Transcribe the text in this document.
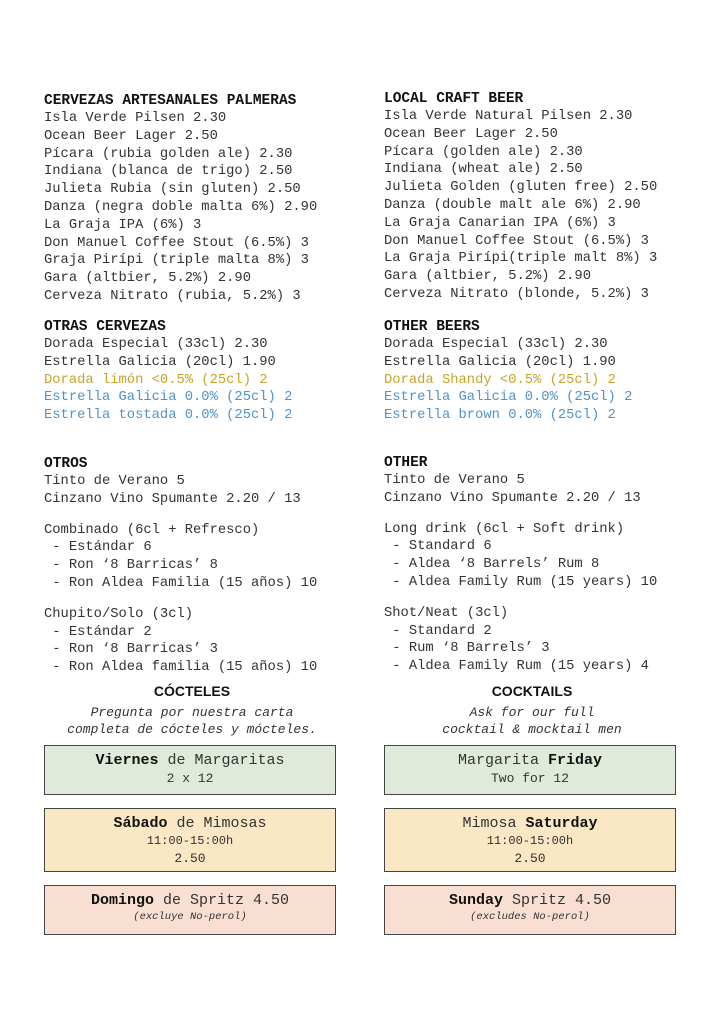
CERVEZAS ARTESANALES PALMERAS
Isla Verde Pilsen 2.30
Ocean Beer Lager 2.50
Pícara (rubia golden ale) 2.30
Indiana (blanca de trigo) 2.50
Julieta Rubia (sin gluten) 2.50
Danza (negra doble malta 6%) 2.90
La Graja IPA (6%) 3
Don Manuel Coffee Stout (6.5%) 3
Graja Pirípi (triple malta 8%) 3
Gara (altbier, 5.2%) 2.90
Cerveza Nitrato (rubia, 5.2%) 3
OTRAS CERVEZAS
Dorada Especial (33cl) 2.30
Estrella Galicia (20cl) 1.90
Dorada limón <0.5% (25cl) 2
Estrella Galicia 0.0% (25cl) 2
Estrella tostada 0.0% (25cl) 2
OTROS
Tinto de Verano 5
Cinzano Vino Spumante 2.20 / 13
Combinado (6cl + Refresco)
- Estándar 6
- Ron ‘8 Barricas’ 8
- Ron Aldea Familia (15 años) 10
Chupito/Solo (3cl)
- Estándar 2
- Ron ‘8 Barricas’ 3
- Ron Aldea familia (15 años) 10
CÓCTELES
Pregunta por nuestra carta
completa de cócteles y mócteles.
Viernes de Margaritas
2 x 12
Sábado de Mimosas
11:00-15:00h
2.50
Domingo de Spritz 4.50
(excluye No-perol)
LOCAL CRAFT BEER
Isla Verde Natural Pilsen 2.30
Ocean Beer Lager 2.50
Pícara (golden ale) 2.30
Indiana (wheat ale) 2.50
Julieta Golden (gluten free) 2.50
Danza (double malt ale 6%) 2.90
La Graja Canarian IPA (6%) 3
Don Manuel Coffee Stout (6.5%) 3
La Graja Pirípi(triple malt 8%) 3
Gara (altbier, 5.2%) 2.90
Cerveza Nitrato (blonde, 5.2%) 3
OTHER BEERS
Dorada Especial (33cl) 2.30
Estrella Galicia (20cl) 1.90
Dorada Shandy <0.5% (25cl) 2
Estrella Galicia 0.0% (25cl) 2
Estrella brown 0.0% (25cl) 2
OTHER
Tinto de Verano 5
Cinzano Vino Spumante 2.20 / 13
Long drink (6cl + Soft drink)
- Standard 6
- Aldea ‘8 Barrels’ Rum 8
- Aldea Family Rum (15 years) 10
Shot/Neat (3cl)
- Standard 2
- Rum ‘8 Barrels’ 3
- Aldea Family Rum (15 years) 4
COCKTAILS
Ask for our full
cocktail & mocktail men
Margarita Friday
Two for 12
Mimosa Saturday
11:00-15:00h
2.50
Sunday Spritz 4.50
(excludes No-perol)
